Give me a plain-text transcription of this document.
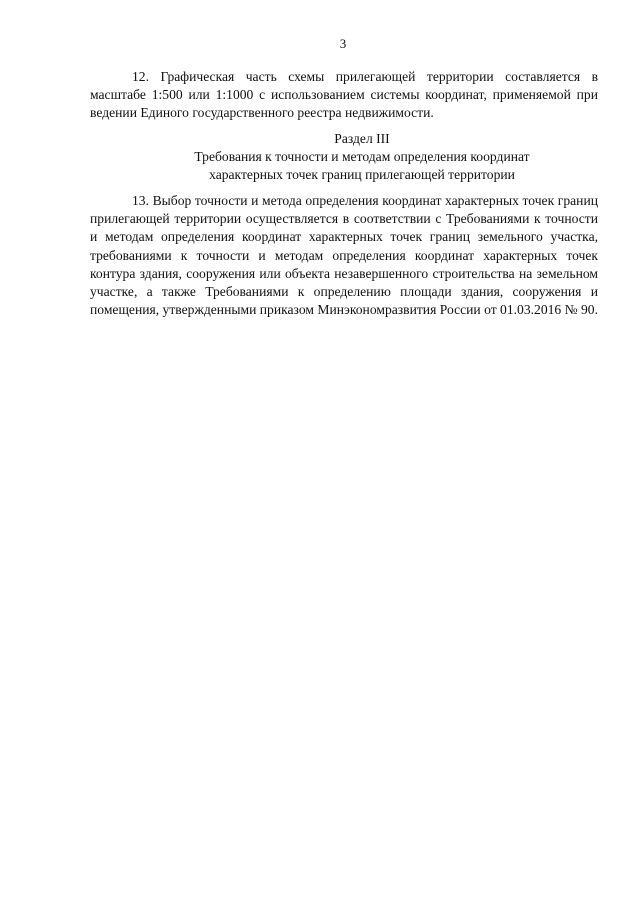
3

12. Графическая часть схемы прилегающей территории составляется в масштабе 1:500 или 1:1000 с использованием системы координат, применяемой при ведении Единого государственного реестра недвижимости.

Раздел III
Требования к точности и методам определения координат
характерных точек границ прилегающей территории

13. Выбор точности и метода определения координат характерных точек границ прилегающей территории осуществляется в соответствии с Требованиями к точности и методам определения координат характерных точек границ земельного участка, требованиями к точности и методам определения координат характерных точек контура здания, сооружения или объекта незавершенного строительства на земельном участке, а также Требованиями к определению площади здания, сооружения и помещения, утвержденными приказом Минэкономразвития России от 01.03.2016 № 90.
